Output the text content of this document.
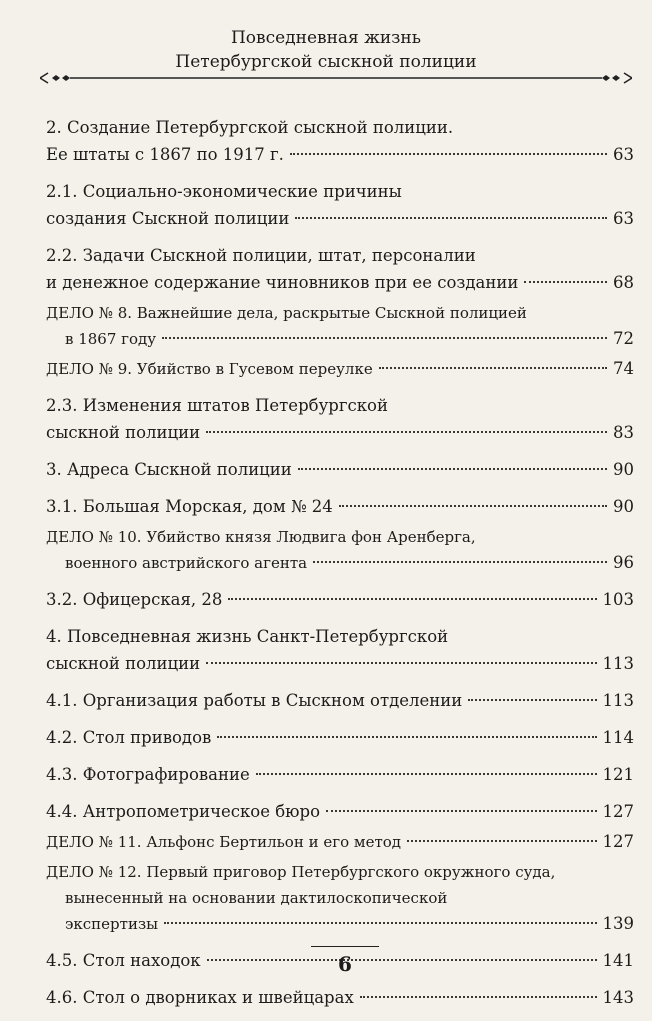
Повседневная жизнь
Петербургской сыскной полиции
2. Создание Петербургской сыскной полиции.
Ее штаты с 1867 по 1917 г.	63
2.1. Социально-экономические причины
создания Сыскной полиции	63
2.2. Задачи Сыскной полиции, штат, персоналии
и денежное содержание чиновников при ее создании	68
ДЕЛО № 8. Важнейшие дела, раскрытые Сыскной полицией
в 1867 году	72
ДЕЛО № 9. Убийство в Гусевом переулке	74
2.3. Изменения штатов Петербургской
сыскной полиции	83
3. Адреса Сыскной полиции	90
3.1. Большая Морская, дом № 24	90
ДЕЛО № 10. Убийство князя Людвига фон Аренберга,
военного австрийского агента	96
3.2. Офицерская, 28	103
4. Повседневная жизнь Санкт-Петербургской
сыскной полиции	113
4.1. Организация работы в Сыскном отделении	113
4.2. Стол приводов	114
4.3. Фотографирование	121
4.4. Антропометрическое бюро	127
ДЕЛО № 11. Альфонс Бертильон и его метод	127
ДЕЛО № 12. Первый приговор Петербургского окружного суда,
вынесенный на основании дактилоскопической
экспертизы	139
4.5. Стол находок	141
4.6. Стол о дворниках и швейцарах	143
6
